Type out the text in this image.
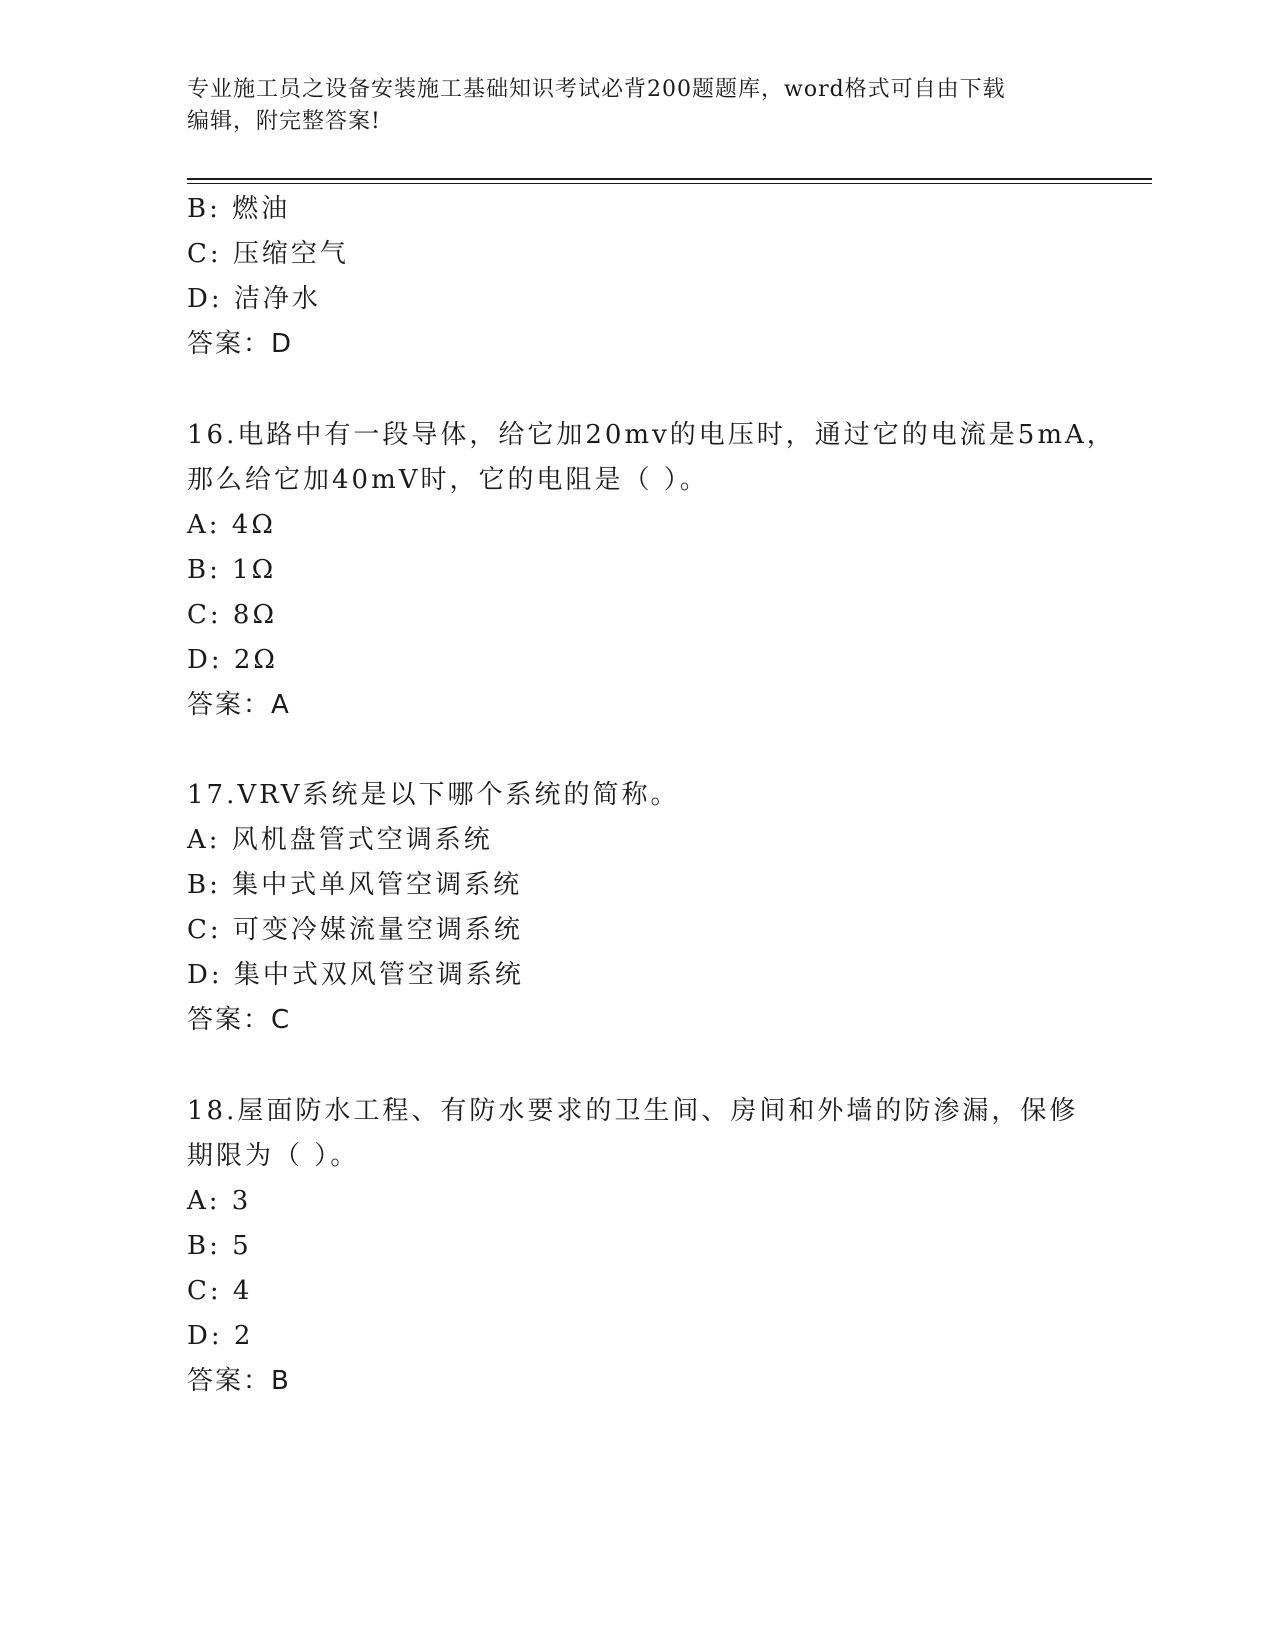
专业施工员之设备安装施工基础知识考试必背200题题库，word格式可自由下载
编辑，附完整答案!
B: 燃油
C: 压缩空气
D: 洁净水
答案：D
16.电路中有一段导体，给它加20mv的电压时，通过它的电流是5mA，
那么给它加40mV时，它的电阻是（ ）。
A: 4Ω
B: 1Ω
C: 8Ω
D: 2Ω
答案：A
17.VRV系统是以下哪个系统的简称。
A: 风机盘管式空调系统
B: 集中式单风管空调系统
C: 可变冷媒流量空调系统
D: 集中式双风管空调系统
答案：C
18.屋面防水工程、有防水要求的卫生间、房间和外墙的防渗漏，保修
期限为（ ）。
A: 3
B: 5
C: 4
D: 2
答案：B
